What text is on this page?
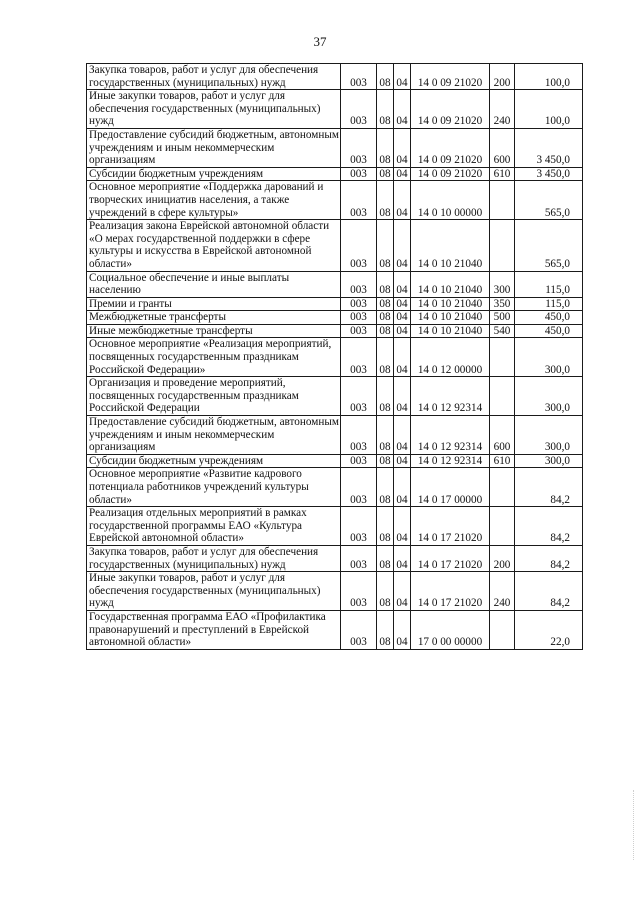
37
Закупка товаров, работ и услуг для обеспечения государственных (муниципальных) нужд	003	08	04	14 0 09 21020	200	100,0
Иные закупки товаров, работ и услуг для обеспечения государственных (муниципальных) нужд	003	08	04	14 0 09 21020	240	100,0
Предоставление субсидий бюджетным, автономным учреждениям и иным некоммерческим организациям	003	08	04	14 0 09 21020	600	3 450,0
Субсидии бюджетным учреждениям	003	08	04	14 0 09 21020	610	3 450,0
Основное мероприятие «Поддержка дарований и творческих инициатив населения, а также учреждений в сфере культуры»	003	08	04	14 0 10 00000		565,0
Реализация закона Еврейской автономной области «О мерах государственной поддержки в сфере культуры и искусства в Еврейской автономной области»	003	08	04	14 0 10 21040		565,0
Социальное обеспечение и иные выплаты населению	003	08	04	14 0 10 21040	300	115,0
Премии и гранты	003	08	04	14 0 10 21040	350	115,0
Межбюджетные трансферты	003	08	04	14 0 10 21040	500	450,0
Иные межбюджетные трансферты	003	08	04	14 0 10 21040	540	450,0
Основное мероприятие «Реализация мероприятий, посвященных государственным праздникам Российской Федерации»	003	08	04	14 0 12 00000		300,0
Организация и проведение мероприятий, посвященных государственным праздникам Российской Федерации	003	08	04	14 0 12 92314		300,0
Предоставление субсидий бюджетным, автономным учреждениям и иным некоммерческим организациям	003	08	04	14 0 12 92314	600	300,0
Субсидии бюджетным учреждениям	003	08	04	14 0 12 92314	610	300,0
Основное мероприятие «Развитие кадрового потенциала работников учреждений культуры области»	003	08	04	14 0 17 00000		84,2
Реализация отдельных мероприятий в рамках государственной программы ЕАО «Культура Еврейской автономной области»	003	08	04	14 0 17 21020		84,2
Закупка товаров, работ и услуг для обеспечения государственных (муниципальных) нужд	003	08	04	14 0 17 21020	200	84,2
Иные закупки товаров, работ и услуг для обеспечения государственных (муниципальных) нужд	003	08	04	14 0 17 21020	240	84,2
Государственная программа ЕАО «Профилактика правонарушений и преступлений в Еврейской автономной области»	003	08	04	17 0 00 00000		22,0
